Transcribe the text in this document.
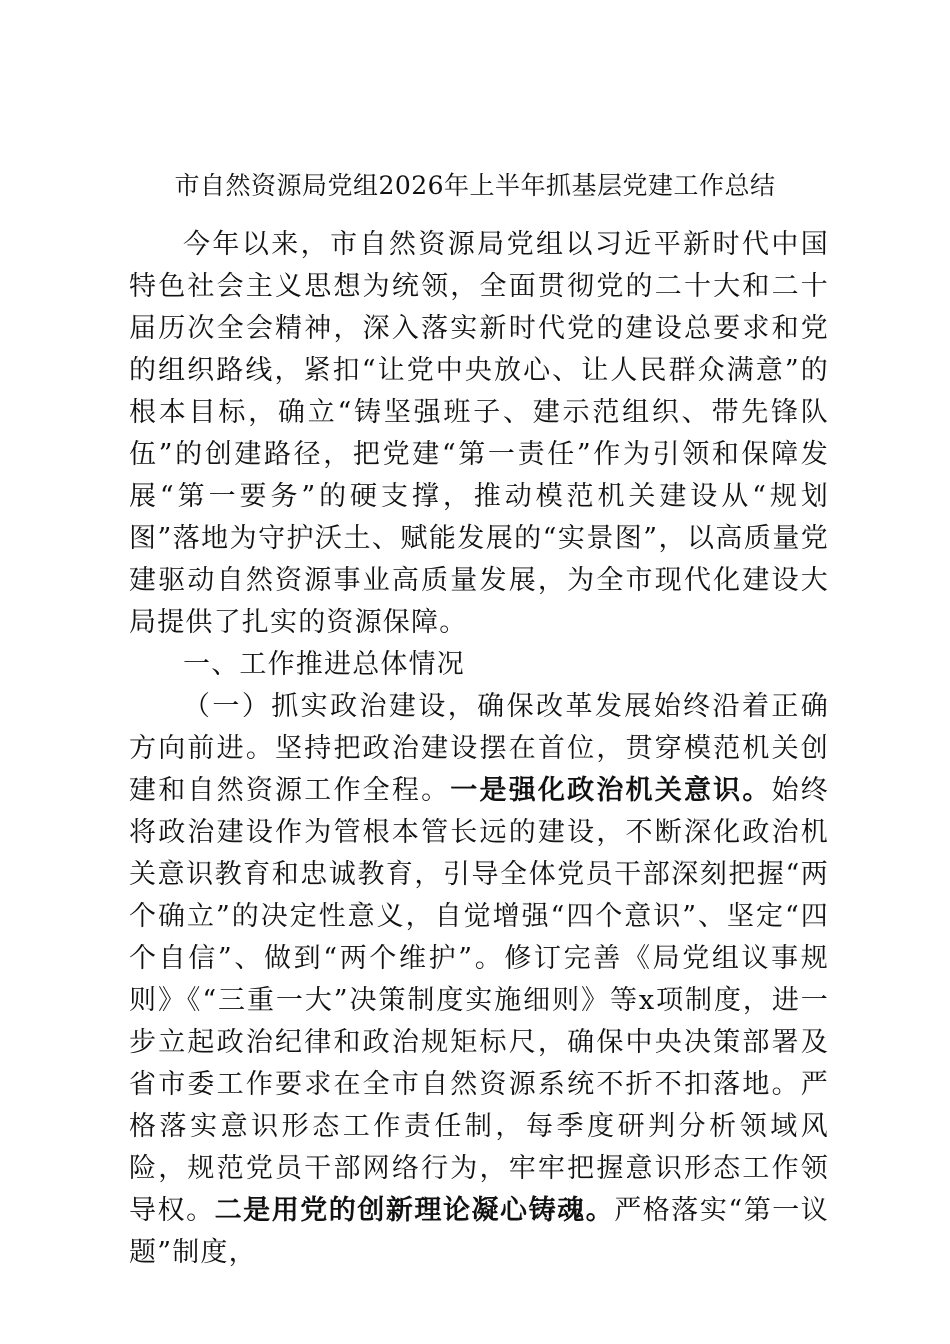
市自然资源局党组2026年上半年抓基层党建工作总结

今年以来，市自然资源局党组以习近平新时代中国特色社会主义思想为统领，全面贯彻党的二十大和二十届历次全会精神，深入落实新时代党的建设总要求和党的组织路线，紧扣“让党中央放心、让人民群众满意”的根本目标，确立“铸坚强班子、建示范组织、带先锋队伍”的创建路径，把党建“第一责任”作为引领和保障发展“第一要务”的硬支撑，推动模范机关建设从“规划图”落地为守护沃土、赋能发展的“实景图”，以高质量党建驱动自然资源事业高质量发展，为全市现代化建设大局提供了扎实的资源保障。

一、工作推进总体情况

（一）抓实政治建设，确保改革发展始终沿着正确方向前进。坚持把政治建设摆在首位，贯穿模范机关创建和自然资源工作全程。一是强化政治机关意识。始终将政治建设作为管根本管长远的建设，不断深化政治机关意识教育和忠诚教育，引导全体党员干部深刻把握“两个确立”的决定性意义，自觉增强“四个意识”、坚定“四个自信”、做到“两个维护”。修订完善《局党组议事规则》《“三重一大”决策制度实施细则》等x项制度，进一步立起政治纪律和政治规矩标尺，确保中央决策部署及省市委工作要求在全市自然资源系统不折不扣落地。严格落实意识形态工作责任制，每季度研判分析领域风险，规范党员干部网络行为，牢牢把握意识形态工作领导权。二是用党的创新理论凝心铸魂。严格落实“第一议题”制度，
